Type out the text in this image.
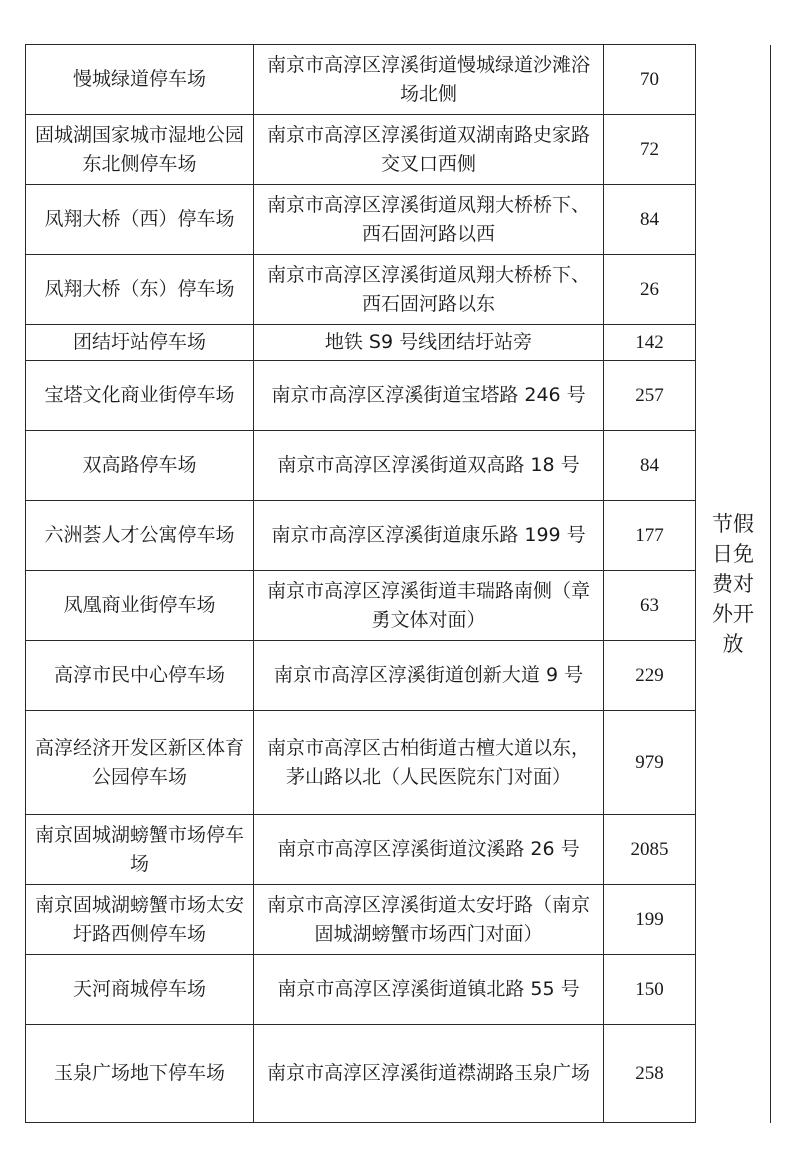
慢城绿道停车场	南京市高淳区淳溪街道慢城绿道沙滩浴场北侧	70	节假日免费对外开放
固城湖国家城市湿地公园东北侧停车场	南京市高淳区淳溪街道双湖南路史家路交叉口西侧	72	
凤翔大桥（西）停车场	南京市高淳区淳溪街道凤翔大桥桥下、西石固河路以西	84	
凤翔大桥（东）停车场	南京市高淳区淳溪街道凤翔大桥桥下、西石固河路以东	26	
团结圩站停车场	地铁 S9 号线团结圩站旁	142	
宝塔文化商业街停车场	南京市高淳区淳溪街道宝塔路 246 号	257	
双高路停车场	南京市高淳区淳溪街道双高路 18 号	84	
六洲荟人才公寓停车场	南京市高淳区淳溪街道康乐路 199 号	177	
凤凰商业街停车场	南京市高淳区淳溪街道丰瑞路南侧（章勇文体对面）	63	
高淳市民中心停车场	南京市高淳区淳溪街道创新大道 9 号	229	
高淳经济开发区新区体育公园停车场	南京市高淳区古柏街道古檀大道以东，茅山路以北（人民医院东门对面）	979	
南京固城湖螃蟹市场停车场	南京市高淳区淳溪街道汶溪路 26 号	2085	
南京固城湖螃蟹市场太安圩路西侧停车场	南京市高淳区淳溪街道太安圩路（南京固城湖螃蟹市场西门对面）	199	
天河商城停车场	南京市高淳区淳溪街道镇北路 55 号	150	
玉泉广场地下停车场	南京市高淳区淳溪街道襟湖路玉泉广场	258	
